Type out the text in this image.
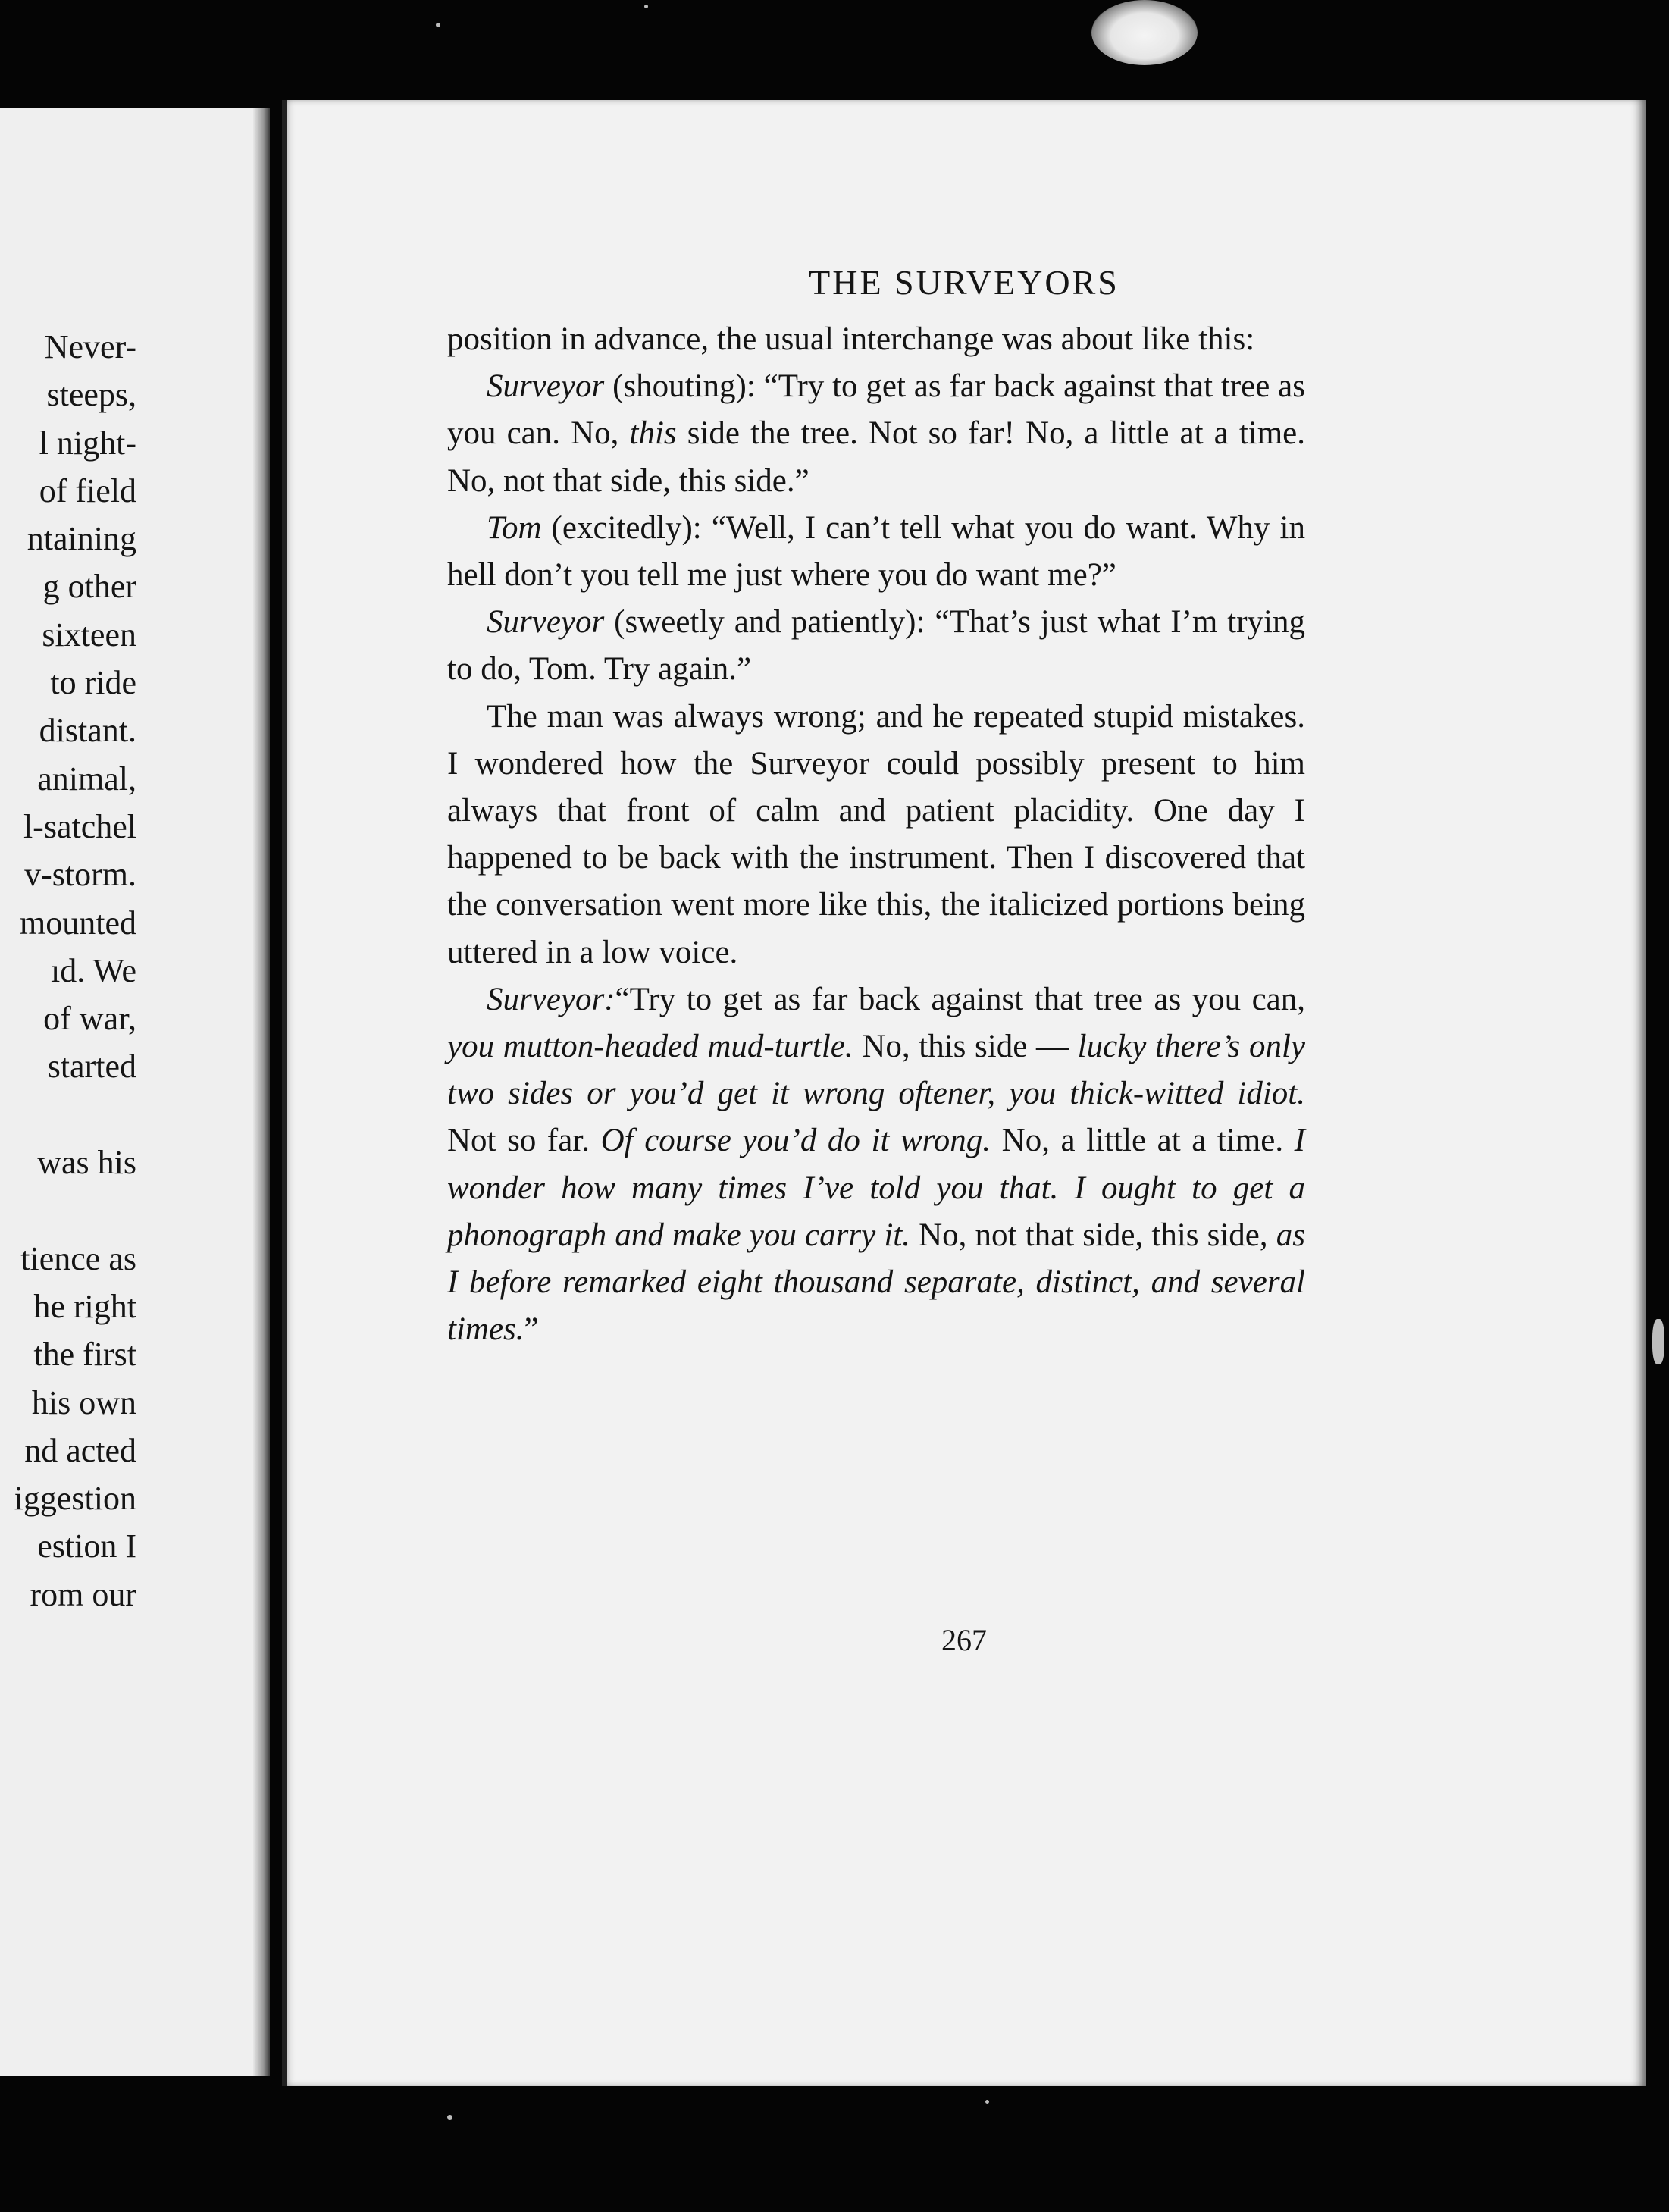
Never-
steeps,
l night-
of field
ntaining
g other
sixteen
to ride
distant.
animal,
l-satchel
v-storm.
mounted
ıd. We
of war,
started
was his
tience as
he right
the first
his own
nd acted
iggestion
estion I
rom our
THE SURVEYORS

position in advance, the usual interchange was about like this:

Surveyor (shouting): “Try to get as far back against that tree as you can. No, this side the tree. Not so far! No, a little at a time. No, not that side, this side.”

Tom (excitedly): “Well, I can’t tell what you do want. Why in hell don’t you tell me just where you do want me?”

Surveyor (sweetly and patiently): “That’s just what I’m trying to do, Tom. Try again.”

The man was always wrong; and he repeated stupid mistakes. I wondered how the Surveyor could possibly present to him always that front of calm and patient placidity. One day I happened to be back with the instrument. Then I discovered that the conversation went more like this, the italicized portions being uttered in a low voice.

Surveyor:“Try to get as far back against that tree as you can, you mutton-headed mud-turtle. No, this side — lucky there’s only two sides or you’d get it wrong oftener, you thick-witted idiot. Not so far. Of course you’d do it wrong. No, a little at a time. I wonder how many times I’ve told you that. I ought to get a phonograph and make you carry it. No, not that side, this side, as I before remarked eight thousand separate, distinct, and several times.”

267
